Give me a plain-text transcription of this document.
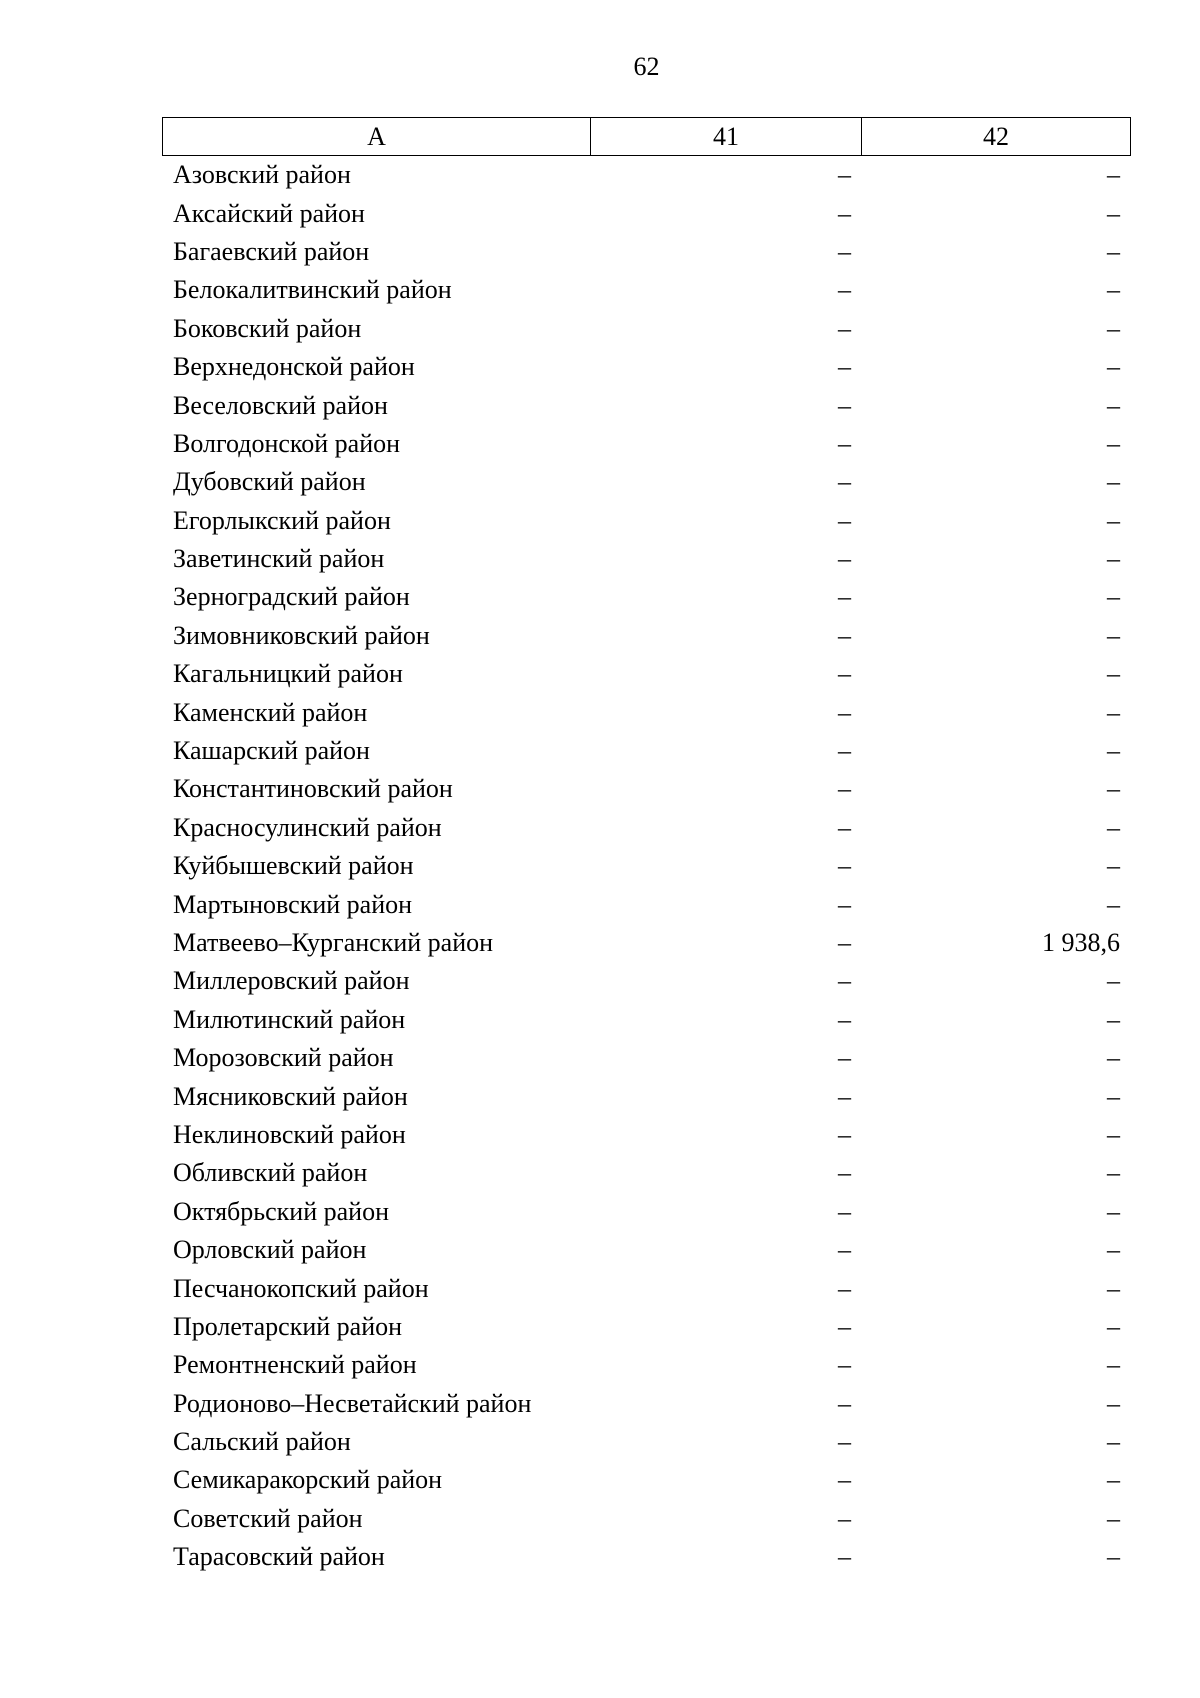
62
А	41	42
Азовский район	–	–
Аксайский район	–	–
Багаевский район	–	–
Белокалитвинский район	–	–
Боковский район	–	–
Верхнедонской район	–	–
Веселовский район	–	–
Волгодонской район	–	–
Дубовский район	–	–
Егорлыкский район	–	–
Заветинский район	–	–
Зерноградский район	–	–
Зимовниковский район	–	–
Кагальницкий район	–	–
Каменский район	–	–
Кашарский район	–	–
Константиновский район	–	–
Красносулинский район	–	–
Куйбышевский район	–	–
Мартыновский район	–	–
Матвеево–Курганский район	–	1 938,6
Миллеровский район	–	–
Милютинский район	–	–
Морозовский район	–	–
Мясниковский район	–	–
Неклиновский район	–	–
Обливский район	–	–
Октябрьский район	–	–
Орловский район	–	–
Песчанокопский район	–	–
Пролетарский район	–	–
Ремонтненский район	–	–
Родионово–Несветайский район	–	–
Сальский район	–	–
Семикаракорский район	–	–
Советский район	–	–
Тарасовский район	–	–
